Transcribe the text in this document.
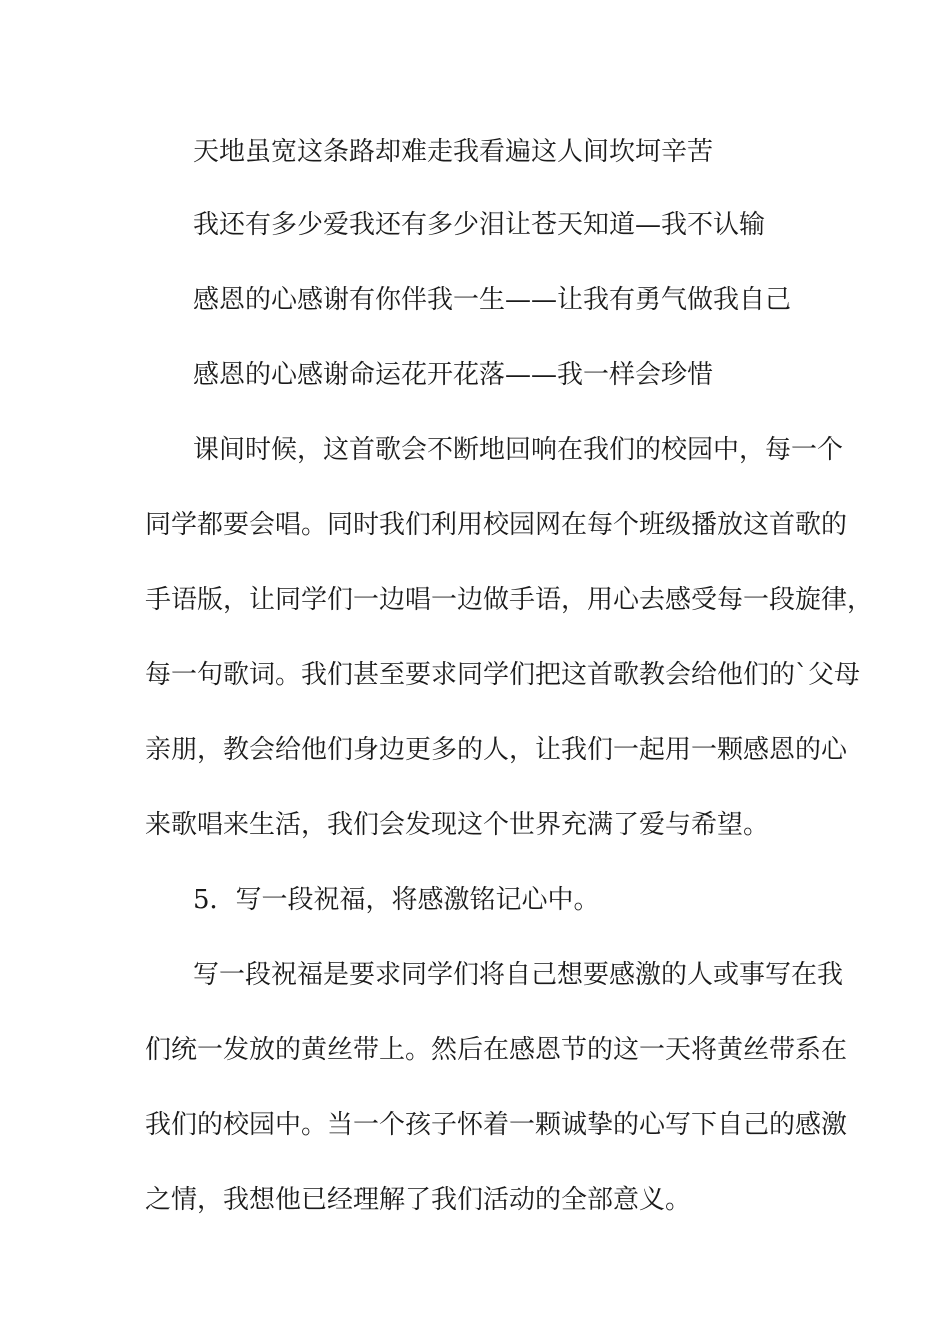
天地虽宽这条路却难走我看遍这人间坎坷辛苦
我还有多少爱我还有多少泪让苍天知道—我不认输
感恩的心感谢有你伴我一生——让我有勇气做我自己
感恩的心感谢命运花开花落——我一样会珍惜
课间时候，这首歌会不断地回响在我们的校园中，每一个
同学都要会唱。同时我们利用校园网在每个班级播放这首歌的
手语版，让同学们一边唱一边做手语，用心去感受每一段旋律，
每一句歌词。我们甚至要求同学们把这首歌教会给他们的`父母
亲朋，教会给他们身边更多的人，让我们一起用一颗感恩的心
来歌唱来生活，我们会发现这个世界充满了爱与希望。
5．写一段祝福，将感激铭记心中。
写一段祝福是要求同学们将自己想要感激的人或事写在我
们统一发放的黄丝带上。然后在感恩节的这一天将黄丝带系在
我们的校园中。当一个孩子怀着一颗诚挚的心写下自己的感激
之情，我想他已经理解了我们活动的全部意义。
